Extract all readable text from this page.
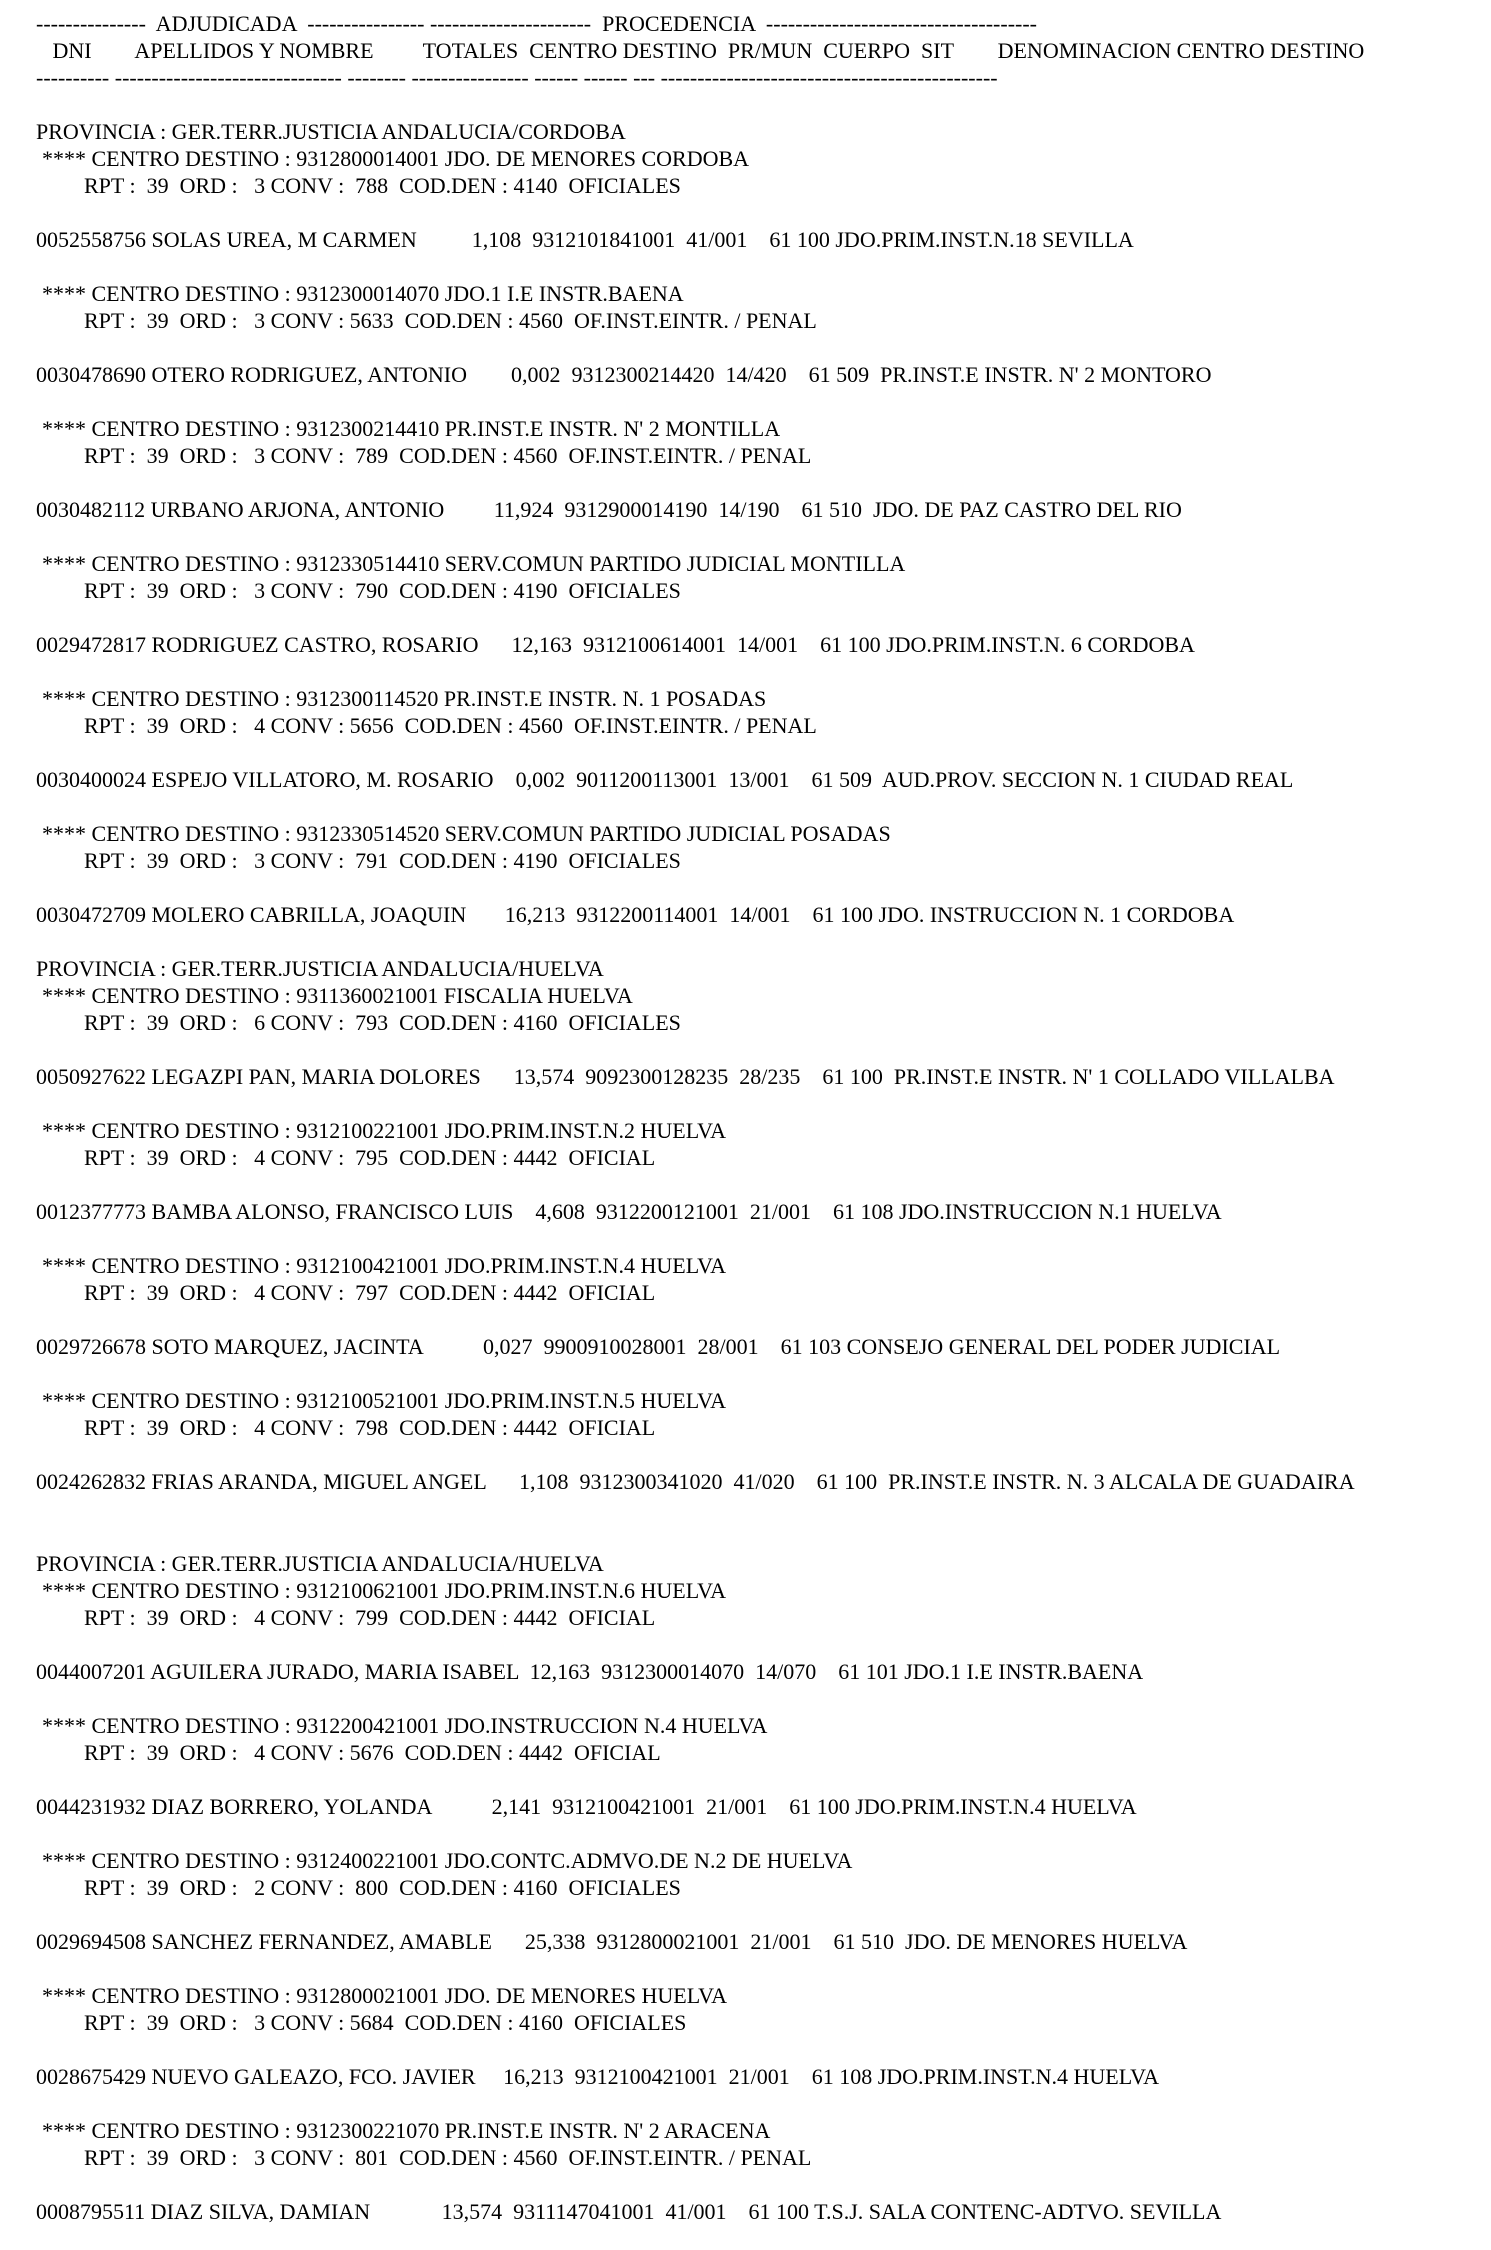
---------------  ADJUDICADA  ---------------- ----------------------  PROCEDENCIA  -------------------------------------
DNI        APELLIDOS Y NOMBRE         TOTALES  CENTRO DESTINO  PR/MUN  CUERPO  SIT        DENOMINACION CENTRO DESTINO
---------- ------------------------------- -------- ---------------- ------ ------ --- ----------------------------------------------
PROVINCIA : GER.TERR.JUSTICIA ANDALUCIA/CORDOBA
**** CENTRO DESTINO : 9312800014001 JDO. DE MENORES CORDOBA
RPT :  39  ORD :   3 CONV :  788  COD.DEN : 4140  OFICIALES
0052558756 SOLAS UREA, M CARMEN          1,108  9312101841001  41/001    61 100 JDO.PRIM.INST.N.18 SEVILLA
**** CENTRO DESTINO : 9312300014070 JDO.1 I.E INSTR.BAENA
RPT :  39  ORD :   3 CONV : 5633  COD.DEN : 4560  OF.INST.EINTR. / PENAL
0030478690 OTERO RODRIGUEZ, ANTONIO        0,002  9312300214420  14/420    61 509  PR.INST.E INSTR. N' 2 MONTORO
**** CENTRO DESTINO : 9312300214410 PR.INST.E INSTR. N' 2 MONTILLA
RPT :  39  ORD :   3 CONV :  789  COD.DEN : 4560  OF.INST.EINTR. / PENAL
0030482112 URBANO ARJONA, ANTONIO         11,924  9312900014190  14/190    61 510  JDO. DE PAZ CASTRO DEL RIO
**** CENTRO DESTINO : 9312330514410 SERV.COMUN PARTIDO JUDICIAL MONTILLA
RPT :  39  ORD :   3 CONV :  790  COD.DEN : 4190  OFICIALES
0029472817 RODRIGUEZ CASTRO, ROSARIO      12,163  9312100614001  14/001    61 100 JDO.PRIM.INST.N. 6 CORDOBA
**** CENTRO DESTINO : 9312300114520 PR.INST.E INSTR. N. 1 POSADAS
RPT :  39  ORD :   4 CONV : 5656  COD.DEN : 4560  OF.INST.EINTR. / PENAL
0030400024 ESPEJO VILLATORO, M. ROSARIO    0,002  9011200113001  13/001    61 509  AUD.PROV. SECCION N. 1 CIUDAD REAL
**** CENTRO DESTINO : 9312330514520 SERV.COMUN PARTIDO JUDICIAL POSADAS
RPT :  39  ORD :   3 CONV :  791  COD.DEN : 4190  OFICIALES
0030472709 MOLERO CABRILLA, JOAQUIN       16,213  9312200114001  14/001    61 100 JDO. INSTRUCCION N. 1 CORDOBA
PROVINCIA : GER.TERR.JUSTICIA ANDALUCIA/HUELVA
**** CENTRO DESTINO : 9311360021001 FISCALIA HUELVA
RPT :  39  ORD :   6 CONV :  793  COD.DEN : 4160  OFICIALES
0050927622 LEGAZPI PAN, MARIA DOLORES      13,574  9092300128235  28/235    61 100  PR.INST.E INSTR. N' 1 COLLADO VILLALBA
**** CENTRO DESTINO : 9312100221001 JDO.PRIM.INST.N.2 HUELVA
RPT :  39  ORD :   4 CONV :  795  COD.DEN : 4442  OFICIAL
0012377773 BAMBA ALONSO, FRANCISCO LUIS    4,608  9312200121001  21/001    61 108 JDO.INSTRUCCION N.1 HUELVA
**** CENTRO DESTINO : 9312100421001 JDO.PRIM.INST.N.4 HUELVA
RPT :  39  ORD :   4 CONV :  797  COD.DEN : 4442  OFICIAL
0029726678 SOTO MARQUEZ, JACINTA           0,027  9900910028001  28/001    61 103 CONSEJO GENERAL DEL PODER JUDICIAL
**** CENTRO DESTINO : 9312100521001 JDO.PRIM.INST.N.5 HUELVA
RPT :  39  ORD :   4 CONV :  798  COD.DEN : 4442  OFICIAL
0024262832 FRIAS ARANDA, MIGUEL ANGEL      1,108  9312300341020  41/020    61 100  PR.INST.E INSTR. N. 3 ALCALA DE GUADAIRA
PROVINCIA : GER.TERR.JUSTICIA ANDALUCIA/HUELVA
**** CENTRO DESTINO : 9312100621001 JDO.PRIM.INST.N.6 HUELVA
RPT :  39  ORD :   4 CONV :  799  COD.DEN : 4442  OFICIAL
0044007201 AGUILERA JURADO, MARIA ISABEL  12,163  9312300014070  14/070    61 101 JDO.1 I.E INSTR.BAENA
**** CENTRO DESTINO : 9312200421001 JDO.INSTRUCCION N.4 HUELVA
RPT :  39  ORD :   4 CONV : 5676  COD.DEN : 4442  OFICIAL
0044231932 DIAZ BORRERO, YOLANDA           2,141  9312100421001  21/001    61 100 JDO.PRIM.INST.N.4 HUELVA
**** CENTRO DESTINO : 9312400221001 JDO.CONTC.ADMVO.DE N.2 DE HUELVA
RPT :  39  ORD :   2 CONV :  800  COD.DEN : 4160  OFICIALES
0029694508 SANCHEZ FERNANDEZ, AMABLE      25,338  9312800021001  21/001    61 510  JDO. DE MENORES HUELVA
**** CENTRO DESTINO : 9312800021001 JDO. DE MENORES HUELVA
RPT :  39  ORD :   3 CONV : 5684  COD.DEN : 4160  OFICIALES
0028675429 NUEVO GALEAZO, FCO. JAVIER     16,213  9312100421001  21/001    61 108 JDO.PRIM.INST.N.4 HUELVA
**** CENTRO DESTINO : 9312300221070 PR.INST.E INSTR. N' 2 ARACENA
RPT :  39  ORD :   3 CONV :  801  COD.DEN : 4560  OF.INST.EINTR. / PENAL
0008795511 DIAZ SILVA, DAMIAN             13,574  9311147041001  41/001    61 100 T.S.J. SALA CONTENC-ADTVO. SEVILLA
